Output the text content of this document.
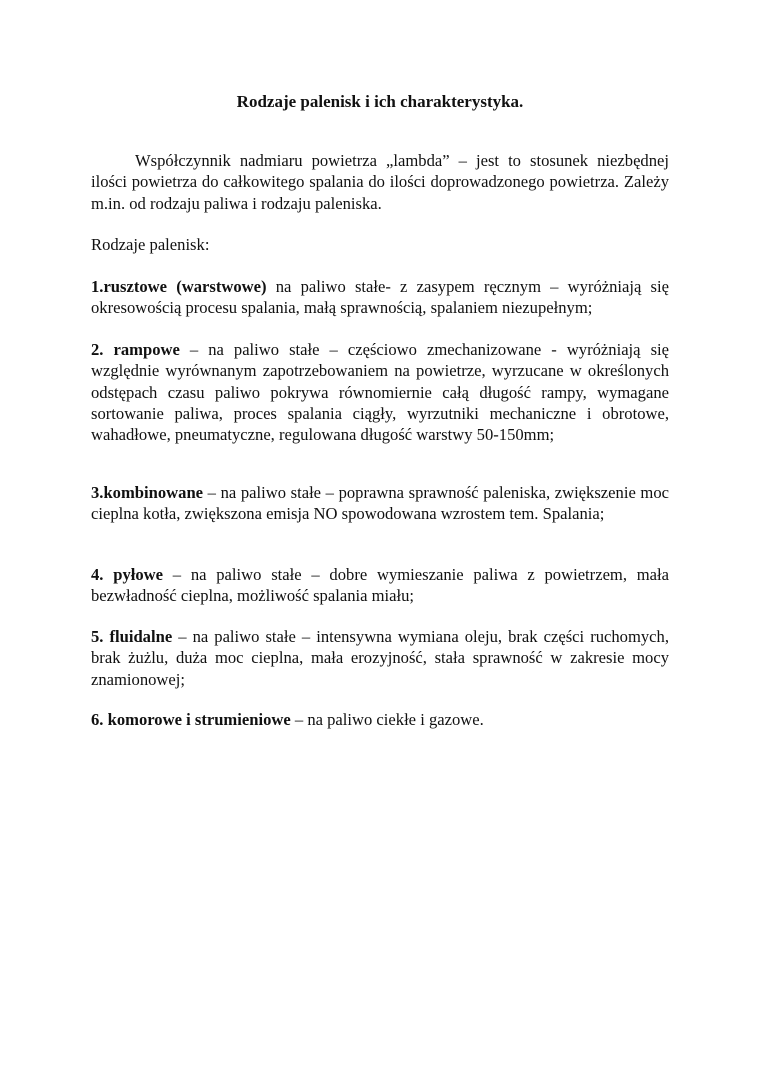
Rodzaje palenisk i ich charakterystyka.

Współczynnik nadmiaru powietrza „lambda” – jest to stosunek niezbędnej ilości powietrza do całkowitego spalania do ilości doprowadzonego powietrza. Zależy m.in. od rodzaju paliwa i rodzaju paleniska.

Rodzaje palenisk:

1.rusztowe (warstwowe) na paliwo stałe- z zasypem ręcznym – wyróżniają się okresowością procesu spalania, małą sprawnością, spalaniem niezupełnym;

2. rampowe – na paliwo stałe – częściowo zmechanizowane - wyróżniają się względnie wyrównanym zapotrzebowaniem na powietrze, wyrzucane w określonych odstępach czasu paliwo pokrywa równomiernie całą długość rampy, wymagane sortowanie paliwa, proces spalania ciągły, wyrzutniki mechaniczne i obrotowe, wahadłowe, pneumatyczne, regulowana długość warstwy 50-150mm;

3.kombinowane – na paliwo stałe – poprawna sprawność paleniska, zwiększenie moc cieplna kotła, zwiększona emisja NO spowodowana wzrostem tem. Spalania;

4. pyłowe – na paliwo stałe – dobre wymieszanie paliwa z powietrzem, mała bezwładność cieplna, możliwość spalania miału;

5. fluidalne – na paliwo stałe – intensywna wymiana oleju, brak części ruchomych, brak żużlu, duża moc cieplna, mała erozyjność, stała sprawność w zakresie mocy znamionowej;

6. komorowe i strumieniowe – na paliwo ciekłe i gazowe.
